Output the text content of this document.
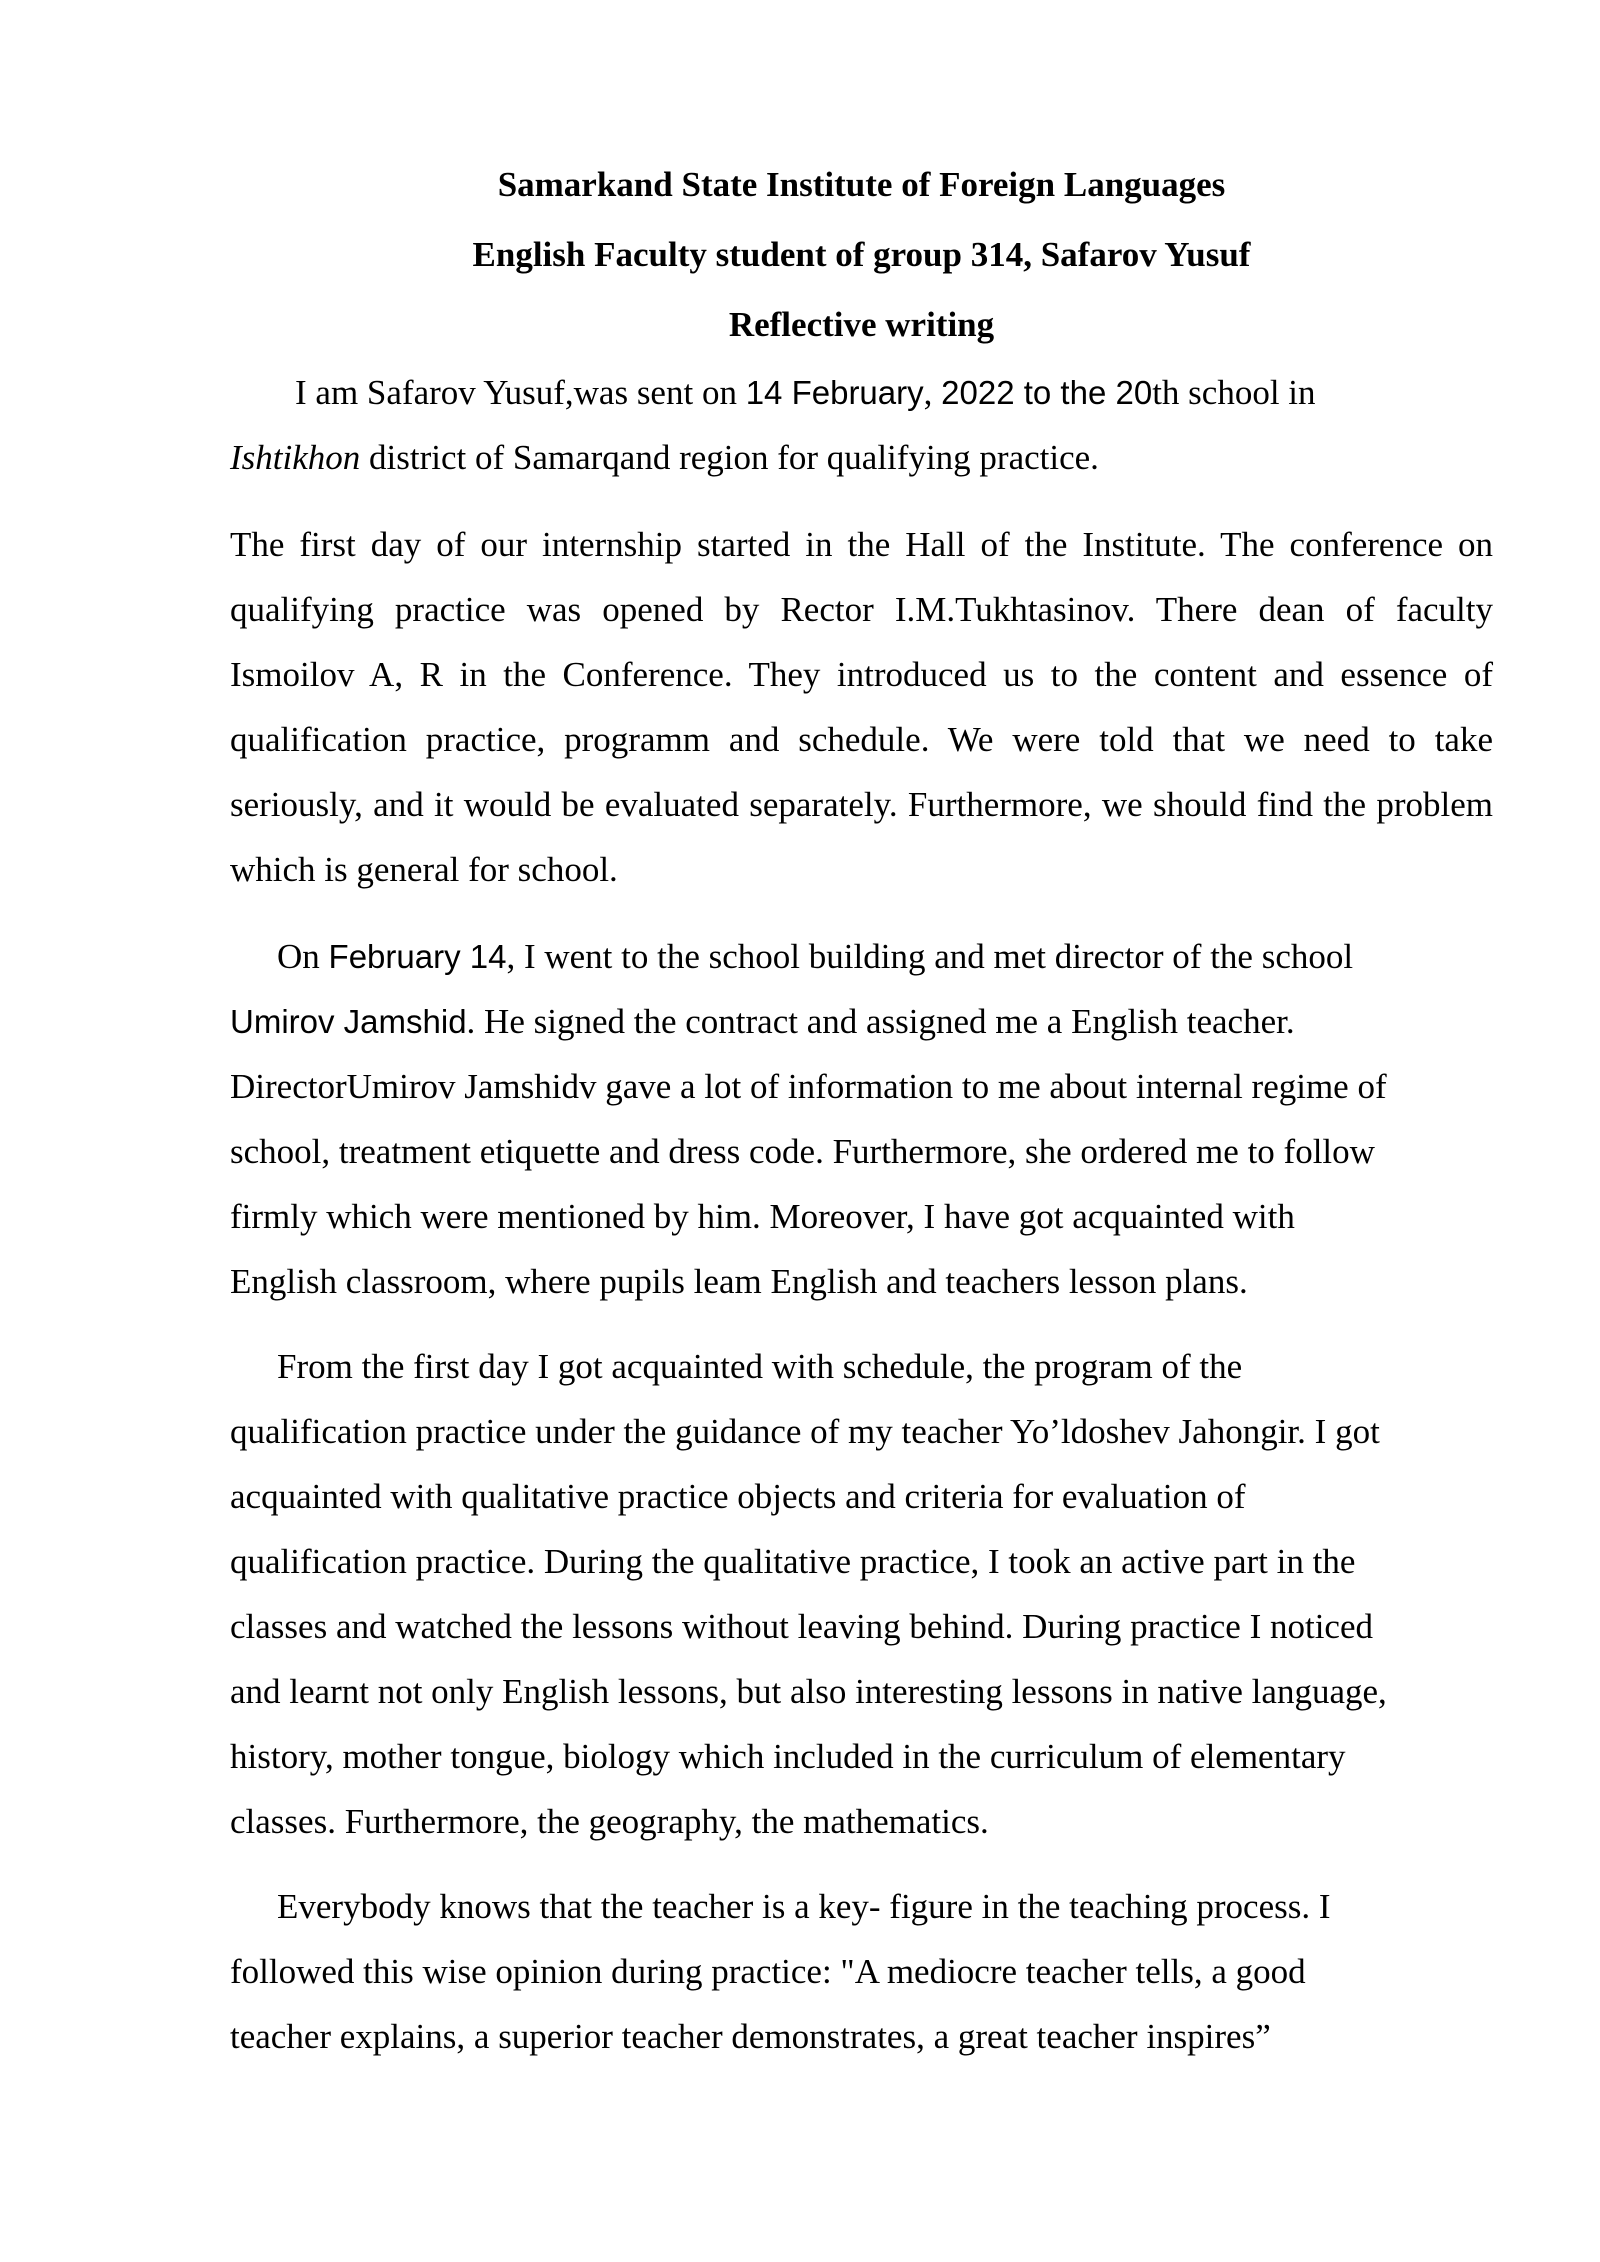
Samarkand State Institute of Foreign Languages

English Faculty student of group 314, Safarov Yusuf

Reflective writing

I am Safarov Yusuf,was sent on 14 February, 2022 to the 20th school in
Ishtikhon district of Samarqand region for qualifying practice.

The first day of our internship started in the Hall of the Institute. The conference on qualifying practice was opened by Rector I.M.Tukhtasinov. There dean of faculty Ismoilov A, R in the Conference. They introduced us to the content and essence of qualification practice, programm and schedule. We were told that we need to take seriously, and it would be evaluated separately. Furthermore, we should find the problem which is general for school.

On February 14, I went to the school building and met director of the school
Umirov Jamshid. He signed the contract and assigned me a English teacher.
DirectorUmirov Jamshidv gave a lot of information to me about internal regime of
school, treatment etiquette and dress code. Furthermore, she ordered me to follow
firmly which were mentioned by him. Moreover, I have got acquainted with
English classroom, where pupils leam English and teachers lesson plans.
From the first day I got acquainted with schedule, the program of the
qualification practice under the guidance of my teacher Yo’ldoshev Jahongir. I got
acquainted with qualitative practice objects and criteria for evaluation of
qualification practice. During the qualitative practice, I took an active part in the
classes and watched the lessons without leaving behind. During practice I noticed
and learnt not only English lessons, but also interesting lessons in native language,
history, mother tongue, biology which included in the curriculum of elementary
classes. Furthermore, the geography, the mathematics.
Everybody knows that the teacher is a key- figure in the teaching process. I
followed this wise opinion during practice: "A mediocre teacher tells, a good
teacher explains, a superior teacher demonstrates, a great teacher inspires”
